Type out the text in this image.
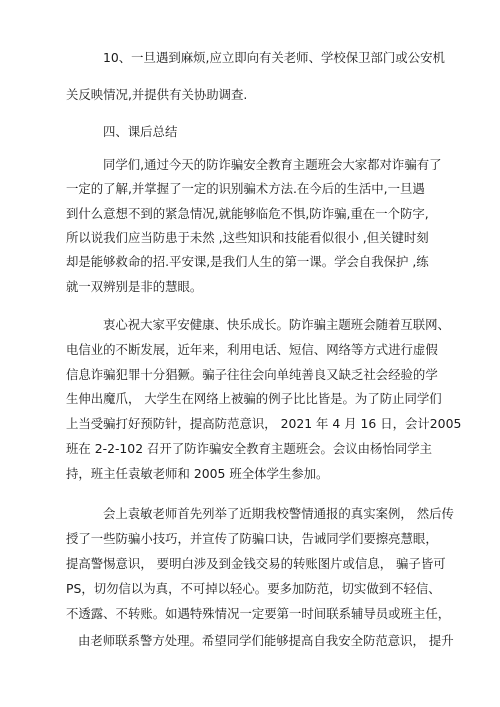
10、一旦遇到麻烦,应立即向有关老师、学校保卫部门或公安机
关反映情况,并提供有关协助调查.
四、课后总结
同学们,通过今天的防诈骗安全教育主题班会大家都对诈骗有了
一定的了解,并掌握了一定的识别骗术方法.在今后的生活中,一旦遇
到什么意想不到的紧急情况,就能够临危不惧,防诈骗,重在一个防字,
所以说我们应当防患于未然 ,这些知识和技能看似很小 ,但关键时刻
却是能够救命的招.平安课,是我们人生的第一课。学会自我保护 ,练
就一双辨别是非的慧眼。
衷心祝大家平安健康、快乐成长。防诈骗主题班会随着互联网、
电信业的不断发展，近年来，利用电话、短信、网络等方式进行虚假
信息诈骗犯罪十分猖獗。骗子往往会向单纯善良又缺乏社会经验的学
生伸出魔爪， 大学生在网络上被骗的例子比比皆是。为了防止同学们
上当受骗打好预防针，提高防范意识， 2021 年 4 月 16 日，会计2005
班在 2-2-102 召开了防诈骗安全教育主题班会。会议由杨怡同学主
持，班主任袁敏老师和 2005 班全体学生参加。
会上袁敏老师首先列举了近期我校警情通报的真实案例， 然后传
授了一些防骗小技巧，并宣传了防骗口诀，告诫同学们要擦亮慧眼，
提高警惕意识， 要明白涉及到金钱交易的转账图片或信息， 骗子皆可
PS，切勿信以为真，不可掉以轻心。要多加防范，切实做到不轻信、
不透露、不转账。如遇特殊情况一定要第一时间联系辅导员或班主任，
由老师联系警方处理。希望同学们能够提高自我安全防范意识， 提升
